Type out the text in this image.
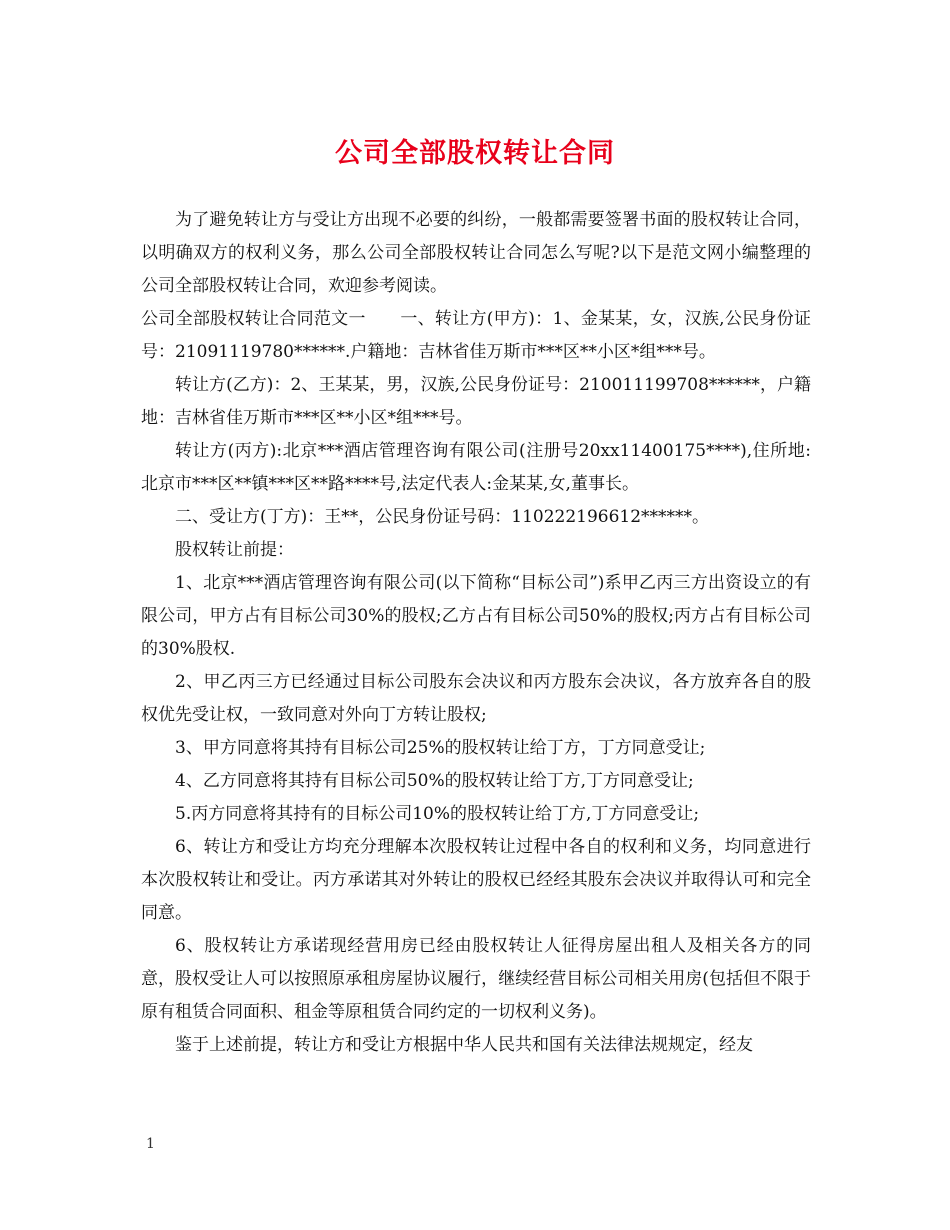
公司全部股权转让合同

为了避免转让方与受让方出现不必要的纠纷，一般都需要签署书面的股权转让合同，以明确双方的权利义务，那么公司全部股权转让合同怎么写呢?以下是范文网小编整理的公司全部股权转让合同，欢迎参考阅读。

公司全部股权转让合同范文一　　一、转让方(甲方)：1、金某某，女，汉族,公民身份证号：21091119780******.户籍地：吉林省佳万斯市***区**小区*组***号。

转让方(乙方)：2、王某某，男，汉族,公民身份证号：210011199708******，户籍地：吉林省佳万斯市***区**小区*组***号。

转让方(丙方):北京***酒店管理咨询有限公司(注册号20xx11400175****),住所地:北京市***区**镇***区**路****号,法定代表人:金某某,女,董事长。

二、受让方(丁方)：王**，公民身份证号码：110222196612******。

股权转让前提：

1、北京***酒店管理咨询有限公司(以下简称“目标公司”)系甲乙丙三方出资设立的有限公司，甲方占有目标公司30%的股权;乙方占有目标公司50%的股权;丙方占有目标公司的30%股权.

2、甲乙丙三方已经通过目标公司股东会决议和丙方股东会决议，各方放弃各自的股权优先受让权，一致同意对外向丁方转让股权;

3、甲方同意将其持有目标公司25%的股权转让给丁方，丁方同意受让;

4、乙方同意将其持有目标公司50%的股权转让给丁方,丁方同意受让;

5.丙方同意将其持有的目标公司10%的股权转让给丁方,丁方同意受让;

6、转让方和受让方均充分理解本次股权转让过程中各自的权利和义务，均同意进行本次股权转让和受让。丙方承诺其对外转让的股权已经经其股东会决议并取得认可和完全同意。

6、股权转让方承诺现经营用房已经由股权转让人征得房屋出租人及相关各方的同意，股权受让人可以按照原承租房屋协议履行，继续经营目标公司相关用房(包括但不限于原有租赁合同面积、租金等原租赁合同约定的一切权利义务)。

鉴于上述前提，转让方和受让方根据中华人民共和国有关法律法规规定，经友

1
